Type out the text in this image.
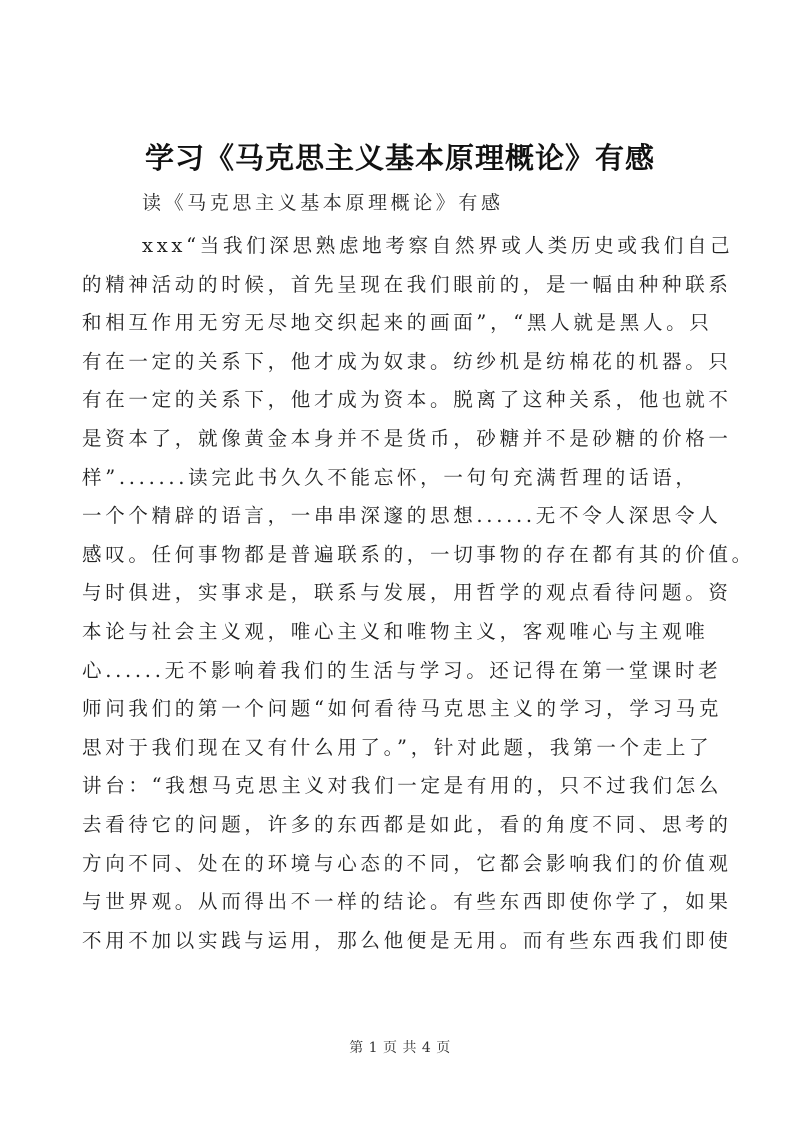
学习《马克思主义基本原理概论》有感
读《马克思主义基本原理概论》有感
xxx“当我们深思熟虑地考察自然界或人类历史或我们自己
的精神活动的时候，首先呈现在我们眼前的，是一幅由种种联系
和相互作用无穷无尽地交织起来的画面”，“黑人就是黑人。只
有在一定的关系下，他才成为奴隶。纺纱机是纺棉花的机器。只
有在一定的关系下，他才成为资本。脱离了这种关系，他也就不
是资本了，就像黄金本身并不是货币，砂糖并不是砂糖的价格一
样”.......读完此书久久不能忘怀，一句句充满哲理的话语，
一个个精辟的语言，一串串深邃的思想......无不令人深思令人
感叹。任何事物都是普遍联系的，一切事物的存在都有其的价值。
与时俱进，实事求是，联系与发展，用哲学的观点看待问题。资
本论与社会主义观，唯心主义和唯物主义，客观唯心与主观唯
心......无不影响着我们的生活与学习。还记得在第一堂课时老
师问我们的第一个问题“如何看待马克思主义的学习，学习马克
思对于我们现在又有什么用了。”，针对此题，我第一个走上了
讲台：“我想马克思主义对我们一定是有用的，只不过我们怎么
去看待它的问题，许多的东西都是如此，看的角度不同、思考的
方向不同、处在的环境与心态的不同，它都会影响我们的价值观
与世界观。从而得出不一样的结论。有些东西即使你学了，如果
不用不加以实践与运用，那么他便是无用。而有些东西我们即使
第 1 页 共 4 页
